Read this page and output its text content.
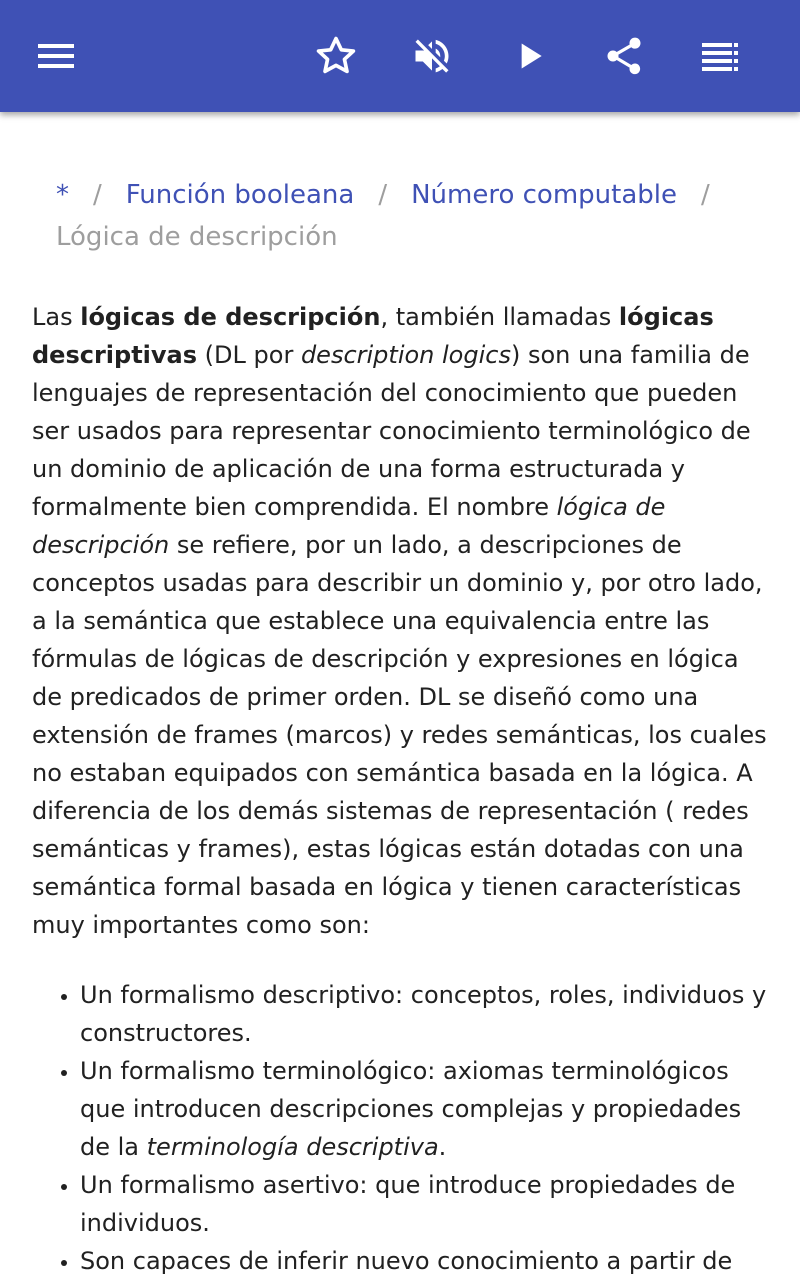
* / Función booleana / Número computable /
Lógica de descripción

Las lógicas de descripción, también llamadas lógicas descriptivas (DL por description logics) son una familia de lenguajes de representación del conocimiento que pueden ser usados para representar conocimiento terminológico de un dominio de aplicación de una forma estructurada y formalmente bien comprendida. El nombre lógica de descripción se refiere, por un lado, a descripciones de conceptos usadas para describir un dominio y, por otro lado, a la semántica que establece una equivalencia entre las fórmulas de lógicas de descripción y expresiones en lógica de predicados de primer orden. DL se diseñó como una extensión de frames (marcos) y redes semánticas, los cuales no estaban equipados con semántica basada en la lógica. A diferencia de los demás sistemas de representación ( redes semánticas y frames), estas lógicas están dotadas con una semántica formal basada en lógica y tienen características muy importantes como son:

• Un formalismo descriptivo: conceptos, roles, individuos y constructores.
• Un formalismo terminológico: axiomas terminológicos que introducen descripciones complejas y propiedades de la terminología descriptiva.
• Un formalismo asertivo: que introduce propiedades de individuos.
• Son capaces de inferir nuevo conocimiento a partir de
